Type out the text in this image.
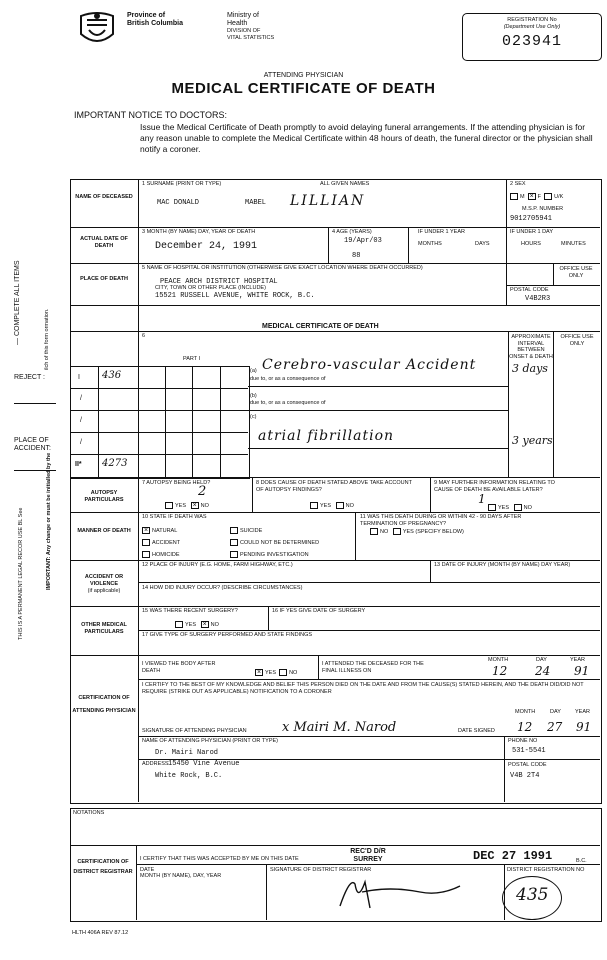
Province of
British Columbia
Ministry of
Health
DIVISION OF
VITAL STATISTICS
REGISTRATION No
(Department Use Only)
023941
ATTENDING PHYSICIAN
MEDICAL CERTIFICATE OF DEATH
IMPORTANT NOTICE TO DOCTORS:
Issue the Medical Certificate of Death promptly to avoid delaying funeral arrangements. If the attending physician is for any reason unable to complete the Medical Certificate within 48 hours of death, the funeral director or the physician shall notify a coroner.
— COMPLETE ALL ITEMS	ilch of this form ormation.
REJECT :
PLACE OF
ACCIDENT:
THIS IS A PERMANENT LEGAL RECOR USE BL See	IMPORTANT: Any change or must be initialled by the
NAME OF DECEASED
1 SURNAME (PRINT OR TYPE)	ALL GIVEN NAMES
MAC DONALD	MABEL LILLIAN
2 SEX
M × F U/K
M.S.P. NUMBER
9012705941
ACTUAL DATE OF DEATH
3 MONTH (BY NAME) DAY, YEAR OF DEATH
December 24, 1991
4 AGE (YEARS)
19/Apr/03
88
IF UNDER 1 YEAR
MONTHS	DAYS
IF UNDER 1 DAY
HOURS	MINUTES
PLACE OF DEATH
5 NAME OF HOSPITAL OR INSTITUTION (OTHERWISE GIVE EXACT LOCATION WHERE DEATH OCCURRED)
PEACE ARCH DISTRICT HOSPITAL
CITY, TOWN OR OTHER PLACE (INCLUDE)
15521 RUSSELL AVENUE, WHITE ROCK, B.C.
OFFICE USE ONLY
POSTAL CODE
V4B2R3
MEDICAL CERTIFICATE OF DEATH
6
PART I
APPROXIMATE INTERVAL BETWEEN ONSET & DEATH
OFFICE USE ONLY
I 436
/
/
/
II* 4273
(a)
due to, or as a consequence of
Cerebro-vascular Accident	3 days
(b)
due to, or as a consequence of
(c)
atrial fibrillation	3 years
AUTOPSY PARTICULARS
7 AUTOPSY BEING HELD?
YES × NO
2
8 DOES CAUSE OF DEATH STATED ABOVE TAKE ACCOUNT OF AUTOPSY FINDINGS?
YES	NO
9 MAY FURTHER INFORMATION RELATING TO CAUSE OF DEATH BE AVAILABLE LATER?
1
YES	NO
MANNER OF DEATH
10 STATE IF DEATH WAS
× NATURAL	SUICIDE
ACCIDENT	COULD NOT BE DETERMINED
HOMICIDE	PENDING INVESTIGATION
11 WAS THIS DEATH DURING OR WITHIN 42 - 90 DAYS AFTER TERMINATION OF PREGNANCY?
NO	YES (SPECIFY BELOW)
ACCIDENT OR VIOLENCE
(if applicable)
12 PLACE OF INJURY (E.G. HOME, FARM HIGHWAY, ETC.)	13 DATE OF INJURY (MONTH (BY NAME) DAY YEAR)
14 HOW DID INJURY OCCUR? (DESCRIBE CIRCUMSTANCES)
OTHER MEDICAL PARTICULARS
15 WAS THERE RECENT SURGERY?
YES × NO
16 IF YES GIVE DATE OF SURGERY
17 GIVE TYPE OF SURGERY PERFORMED AND STATE FINDINGS
CERTIFICATION OF ATTENDING PHYSICIAN
I VIEWED THE BODY AFTER DEATH	× YES NO
I ATTENDED THE DECEASED FOR THE FINAL ILLNESS ON
MONTH	DAY	YEAR
12 24 91
I CERTIFY TO THE BEST OF MY KNOWLEDGE AND BELIEF THIS PERSON DIED ON THE DATE AND FROM THE CAUSE(S) STATED HEREIN, AND THE DEATH DID/DID NOT REQUIRE (STRIKE OUT AS APPLICABLE) NOTIFICATION TO A CORONER
MONTH	DAY	YEAR
SIGNATURE OF ATTENDING PHYSICIAN	x Mairi M. Narod	DATE SIGNED 12 27 91
NAME OF ATTENDING PHYSICIAN (PRINT OR TYPE)
Dr. Mairi Narod
PHONE NO
531-5541
ADDRESS 15450 Vine Avenue
White Rock, B.C.
POSTAL CODE
V4B 2T4
NOTATIONS
CERTIFICATION OF DISTRICT REGISTRAR
I CERTIFY THAT THIS WAS ACCEPTED BY ME ON THIS DATE
REC'D D/R SURREY	DEC 27 1991	B.C.
DATE
MONTH (BY NAME), DAY, YEAR
SIGNATURE OF DISTRICT REGISTRAR	DISTRICT REGISTRATION NO
435
HLTH 406A REV 87.12
